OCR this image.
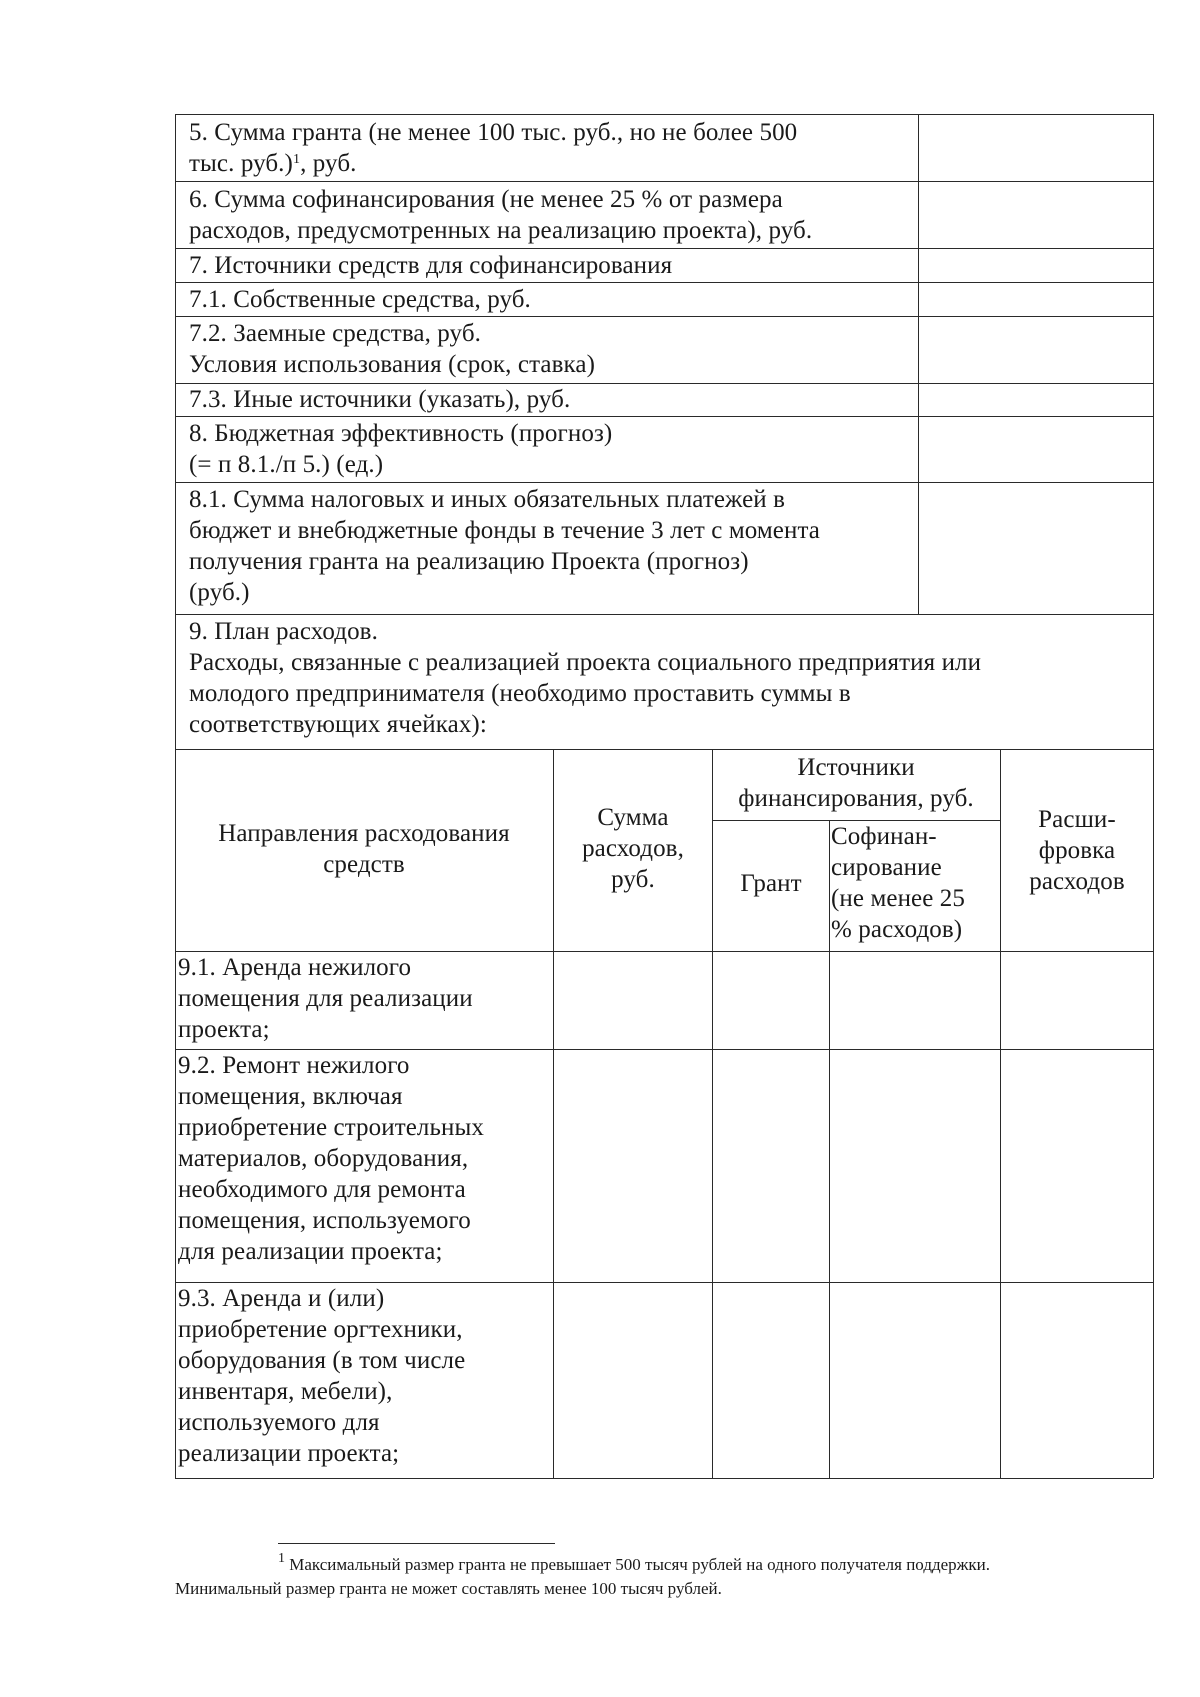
5. Сумма гранта (не менее 100 тыс. руб., но не более 500
тыс. руб.)$^1$, руб.
6. Сумма софинансирования (не менее 25 % от размера
расходов, предусмотренных на реализацию проекта), руб.
7. Источники средств для софинансирования
7.1. Собственные средства, руб.
7.2. Заемные средства, руб.
Условия использования (срок, ставка)
7.3. Иные источники (указать), руб.
8. Бюджетная эффективность (прогноз)
(= п 8.1./п 5.) (ед.)
8.1. Сумма налоговых и иных обязательных платежей в
бюджет и внебюджетные фонды в течение 3 лет с момента
получения гранта на реализацию Проекта (прогноз)
(руб.)
9. План расходов.
Расходы, связанные с реализацией проекта социального предприятия или
молодого предпринимателя (необходимо проставить суммы в
соответствующих ячейках):
Направления расходования
средств
Сумма
расходов,
руб.
Источники
финансирования, руб.
Грант
Софинан-
сирование
(не менее 25
% расходов)
Расши-
фровка
расходов
9.1. Аренда нежилого
помещения для реализации
проекта;
9.2. Ремонт нежилого
помещения, включая
приобретение строительных
материалов, оборудования,
необходимого для ремонта
помещения, используемого
для реализации проекта;
9.3. Аренда и (или)
приобретение оргтехники,
оборудования (в том числе
инвентаря, мебели),
используемого для
реализации проекта;
$^1$ Максимальный размер гранта не превышает 500 тысяч рублей на одного получателя поддержки.
Минимальный размер гранта не может составлять менее 100 тысяч рублей.
